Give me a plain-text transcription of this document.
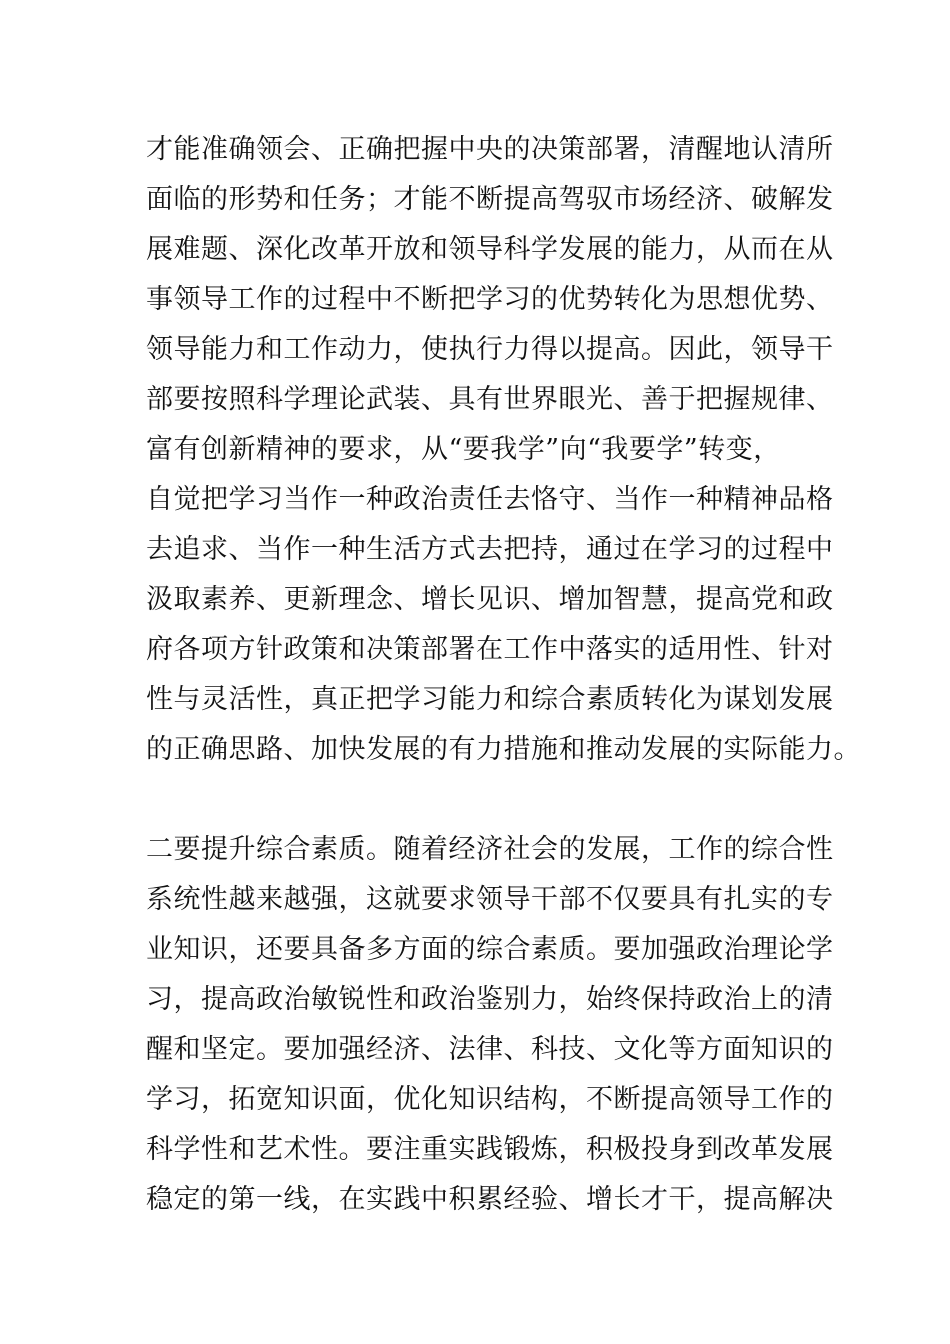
才能准确领会、正确把握中央的决策部署，清醒地认清所
面临的形势和任务；才能不断提高驾驭市场经济、破解发
展难题、深化改革开放和领导科学发展的能力，从而在从
事领导工作的过程中不断把学习的优势转化为思想优势、
领导能力和工作动力，使执行力得以提高。因此，领导干
部要按照科学理论武装、具有世界眼光、善于把握规律、
富有创新精神的要求，从“要我学”向“我要学”转变，
自觉把学习当作一种政治责任去恪守、当作一种精神品格
去追求、当作一种生活方式去把持，通过在学习的过程中
汲取素养、更新理念、增长见识、增加智慧，提高党和政
府各项方针政策和决策部署在工作中落实的适用性、针对
性与灵活性，真正把学习能力和综合素质转化为谋划发展
的正确思路、加快发展的有力措施和推动发展的实际能力。
二要提升综合素质。随着经济社会的发展，工作的综合性
系统性越来越强，这就要求领导干部不仅要具有扎实的专
业知识，还要具备多方面的综合素质。要加强政治理论学
习，提高政治敏锐性和政治鉴别力，始终保持政治上的清
醒和坚定。要加强经济、法律、科技、文化等方面知识的
学习，拓宽知识面，优化知识结构，不断提高领导工作的
科学性和艺术性。要注重实践锻炼，积极投身到改革发展
稳定的第一线，在实践中积累经验、增长才干，提高解决
